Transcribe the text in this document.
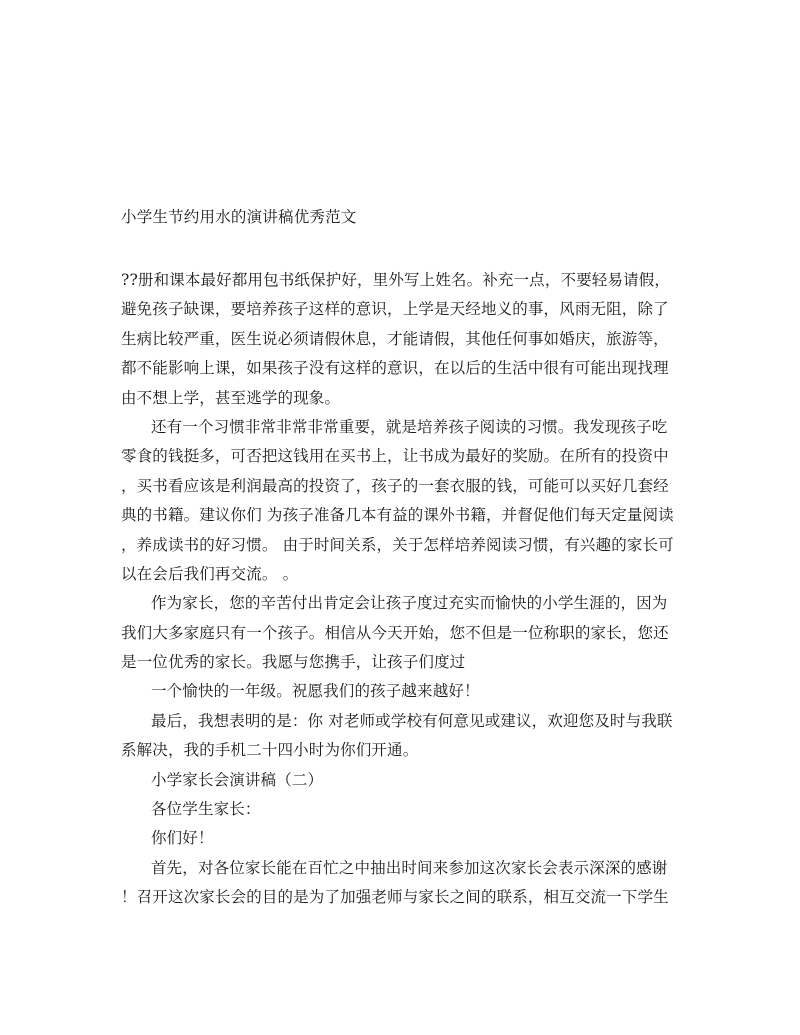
小学生节约用水的演讲稿优秀范文
??册和课本最好都用包书纸保护好，里外写上姓名。补充一点，不要轻易请假，
避免孩子缺课，要培养孩子这样的意识，上学是天经地义的事，风雨无阻，除了
生病比较严重，医生说必须请假休息，才能请假，其他任何事如婚庆，旅游等，
都不能影响上课，如果孩子没有这样的意识，在以后的生活中很有可能出现找理
由不想上学，甚至逃学的现象。
还有一个习惯非常非常非常重要，就是培养孩子阅读的习惯。我发现孩子吃
零食的钱挺多，可否把这钱用在买书上，让书成为最好的奖励。在所有的投资中
，买书看应该是利润最高的投资了，孩子的一套衣服的钱，可能可以买好几套经
典的书籍。建议你们 为孩子准备几本有益的课外书籍，并督促他们每天定量阅读
，养成读书的好习惯。 由于时间关系，关于怎样培养阅读习惯，有兴趣的家长可
以在会后我们再交流。 。
作为家长，您的辛苦付出肯定会让孩子度过充实而愉快的小学生涯的，因为
我们大多家庭只有一个孩子。相信从今天开始，您不但是一位称职的家长，您还
是一位优秀的家长。我愿与您携手，让孩子们度过
一个愉快的一年级。祝愿我们的孩子越来越好！
最后，我想表明的是：你 对老师或学校有何意见或建议，欢迎您及时与我联
系解决，我的手机二十四小时为你们开通。
小学家长会演讲稿（二）
各位学生家长：
你们好！
首先，对各位家长能在百忙之中抽出时间来参加这次家长会表示深深的感谢
！召开这次家长会的目的是为了加强老师与家长之间的联系，相互交流一下学生
